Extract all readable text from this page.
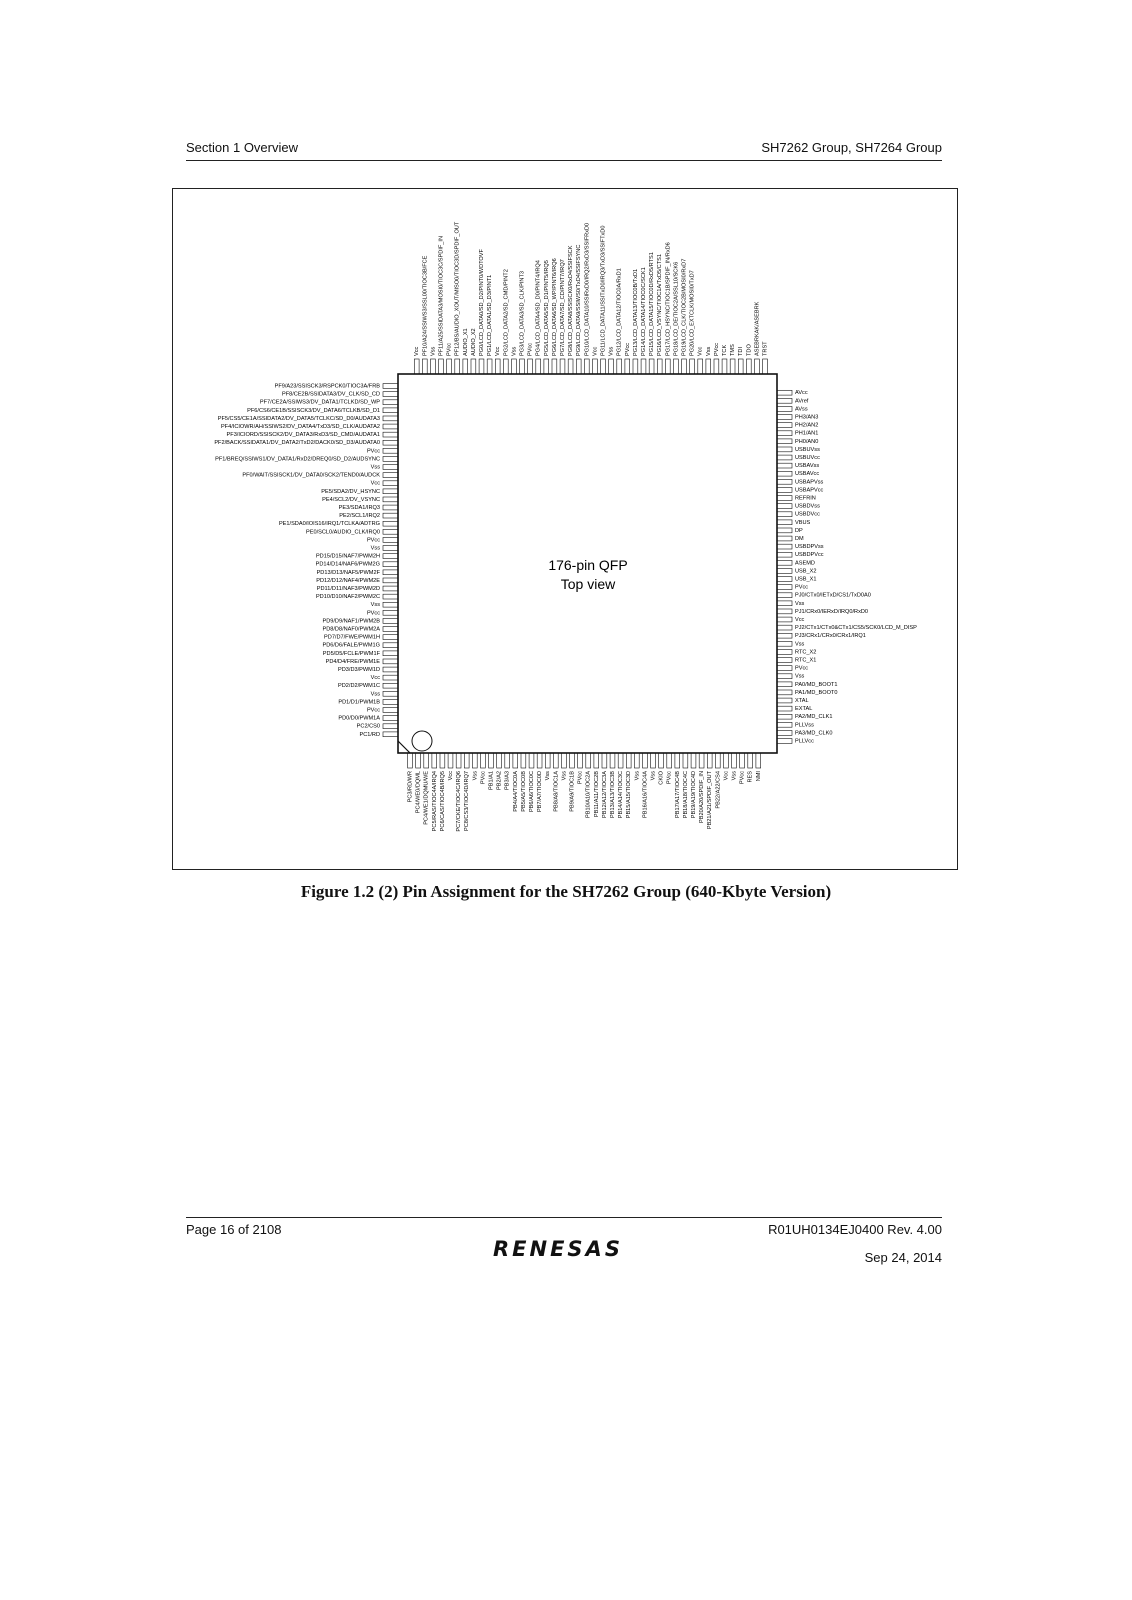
Section 1 Overview	SH7262 Group, SH7264 Group
PC3/RD/WR PC4/WE0/DQML PC4/WE1/DQMU/WE PC5/RAS/TIOC4A/IRQ4 PC6/CAS/TIOC4B/IRQ5 Vcc PC7/CKE/TIOC4C/IRQ6 PC8/CS3/TIOC4D/IRQ7 Vss PVcc PB1/A1 PB2/A2 PB3/A3 PB4/A4/TIOC0A PB5/A5/TIOC0B PB6/A6/TIOC0C PB7/A7/TIOC0D Vss PB8/A8/TIOC1A Vss PB9/A9/TIOC1B PVcc PB10/A10/TIOC2A PB11/A11/TIOC2B PB12/A12/TIOC3A PB13/A13/TIOC3B PB14/A14/TIOC3C PB15/A15/TIOC3D Vss PB16/A16/TIOC4A Vss CKIO PVcc PB17/A17/TIOC4B PB18/A18/TIOC4C PB19/A19/TIOC4D PB20/A20/SPDIF_IN PB21/A21/SPDIF_OUT PB22/A22/CS4 Vcc Vss PVcc RES NMI
PLLVcc
PA3/MD_CLK0
PLLVss
PA2/MD_CLK1
EXTAL
XTAL
PA1/MD_BOOT0
PA0/MD_BOOT1
Vss
PVcc
RTC_X1
RTC_X2
Vss
PJ3/CRx1/CRx0/CRx1/IRQ1
PJ2/CTx1/CTx0&CTx1/CS5/SCK0/LCD_M_DISP
Vcc
PJ1/CRx0/IERxD/IRQ0/RxD0
Vss
PJ0/CTx0/IETxD/CS1/TxD0A0
PVcc
USB_X1
USB_X2
ASEMD
USBDPVcc
USBDPVss
DM
DP
VBUS
USBDVcc
USBDVss
REFRIN
USBAPVcc
USBAPVss
USBAVcc
USBAVss
USBUVcc
USBUVss
PH0/AN0
PH1/AN1
PH2/AN2
PH3/AN3
AVss
AVref
AVcc
TRST
ASEBRKAK/ASEBRK
TDO
TDI
TMS
TCK
PVcc
Vss
Vcc
PG20/LCD_EXTCLK/MOSI0/TxD7
PG19/LCD_CLK/TIOC2B/MOSI0/RxD7
PG18/LCD_DE/TIOC2A/SSL10/SCK6
PG17/LCD_HSYNC/TIOC1B/SPDIF_IN/RxD6
PG16/LCD_VSYNC/TIOC1A/TxD5/CTS1
PG15/LCD_DATA15/TIOC0D/RxD5/RTS1
PG14/LCD_DATA14/TIOC0C/SCK1
PG13/LCD_DATA13/TIOC0B/TxD1
PVcc
PG12/LCD_DATA12/TIOC0A/RxD1
Vss
PG11/LCD_DATA11/SSITxD0/IRQ3/TxD3/SSIFTxD0
Vcc
PG10/LCD_DATA10/SSIRxD0/IRQ2/RxD3/SSIFRxD0
PG9/LCD_DATA9/SSIWS0/TxD4/SSIFSYNC
PG8/LCD_DATA8/SSISCK0/RxD4/SSIFSCK
PG7/LCD_DATA7/SD_CD/PINT7/IRQ7
PG6/LCD_DATA6/SD_WP/PINT6/IRQ6
PG5/LCD_DATA5/SD_D1/PINT5/IRQ5
PG4/LCD_DATA4/SD_D0/PINT4/IRQ4
PVcc
PG3/LCD_DATA3/SD_CLK/PINT3
Vss
PG2/LCD_DATA2/SD_CMD/PINT2
Vcc
PG1/LCD_DATA1/SD_D3/PINT1
PG0/LCD_DATA0/SD_D2/PINT0/WDTOVF
AUDIO_X2
AUDIO_X1
PF12/BS/AUDIO_XOUT/MISO0/TIOC3D/SPDIF_OUT
PVcc
PF11/A25/SSIDATA3/MOSI0/TIOC3C/SPDIF_IN
Vss
PF10/A24/SSIWS3/SSL00/TIOC3B/FCE
Vcc
PF9/A23/SSISCK3/RSPCK0/TIOC3A/FRB
PF8/CE2B/SSIDATA3/DV_CLK/SD_CD
PF7/CE2A/SSIWS3/DV_DATA1/TCLKD/SD_WP
PF6/CS6/CE1B/SSISCK3/DV_DATA6/TCLKB/SD_D1
PF5/CS5/CE1A/SSIDATA2/DV_DATA5/TCLKC/SD_D0/AUDATA3
PF4/ICIOWR/AH/SSIWS2/DV_DATA4/TxD3/SD_CLK/AUDATA2
PF3/ICIORD/SSISCK2/DV_DATA3/RxD3/SD_CMD/AUDATA1
PF2/BACK/SSIDATA1/DV_DATA2/TxD2/DACK0/SD_D3/AUDATA0
PVcc
PF1/BREQ/SSIWS1/DV_DATA1/RxD2/DREQ0/SD_D2/AUDSYNC
Vss
PF0/WAIT/SSISCK1/DV_DATA0/SCK2/TEND0/AUDCK
Vcc
PE5/SDA2/DV_HSYNC
PE4/SCL2/DV_VSYNC
PE3/SDA1/IRQ3
PE2/SCL1/IRQ2
PE1/SDA0/IOIS16/IRQ1/TCLKA/ADTRG
PE0/SCL0/AUDIO_CLK/IRQ0
PVcc
Vss
PD15/D15/NAF7/PWM2H
PD14/D14/NAF6/PWM2G
PD13/D13/NAF5/PWM2F
PD12/D12/NAF4/PWM2E
PD11/D11/NAF3/PWM2D
PD10/D10/NAF2/PWM2C
Vss
PVcc
PD9/D9/NAF1/PWM2B
PD8/D8/NAF0/PWM2A
PD7/D7/FWE/PWM1H
PD6/D6/FALE/PWM1G
PD5/D5/FCLE/PWM1F
PD4/D4/FRE/PWM1E
PD3/D3/PWM1D
Vcc
PD2/D2/PWM1C
Vss
PD1/D1/PWM1B
PVcc
PD0/D0/PWM1A
PC2/CS0
PC1/RD
176-pin QFP
Top view
Figure 1.2 (2) Pin Assignment for the SH7262 Group (640-Kbyte Version)
Page 16 of 2108
RENESAS
R01UH0134EJ0400 Rev. 4.00
Sep 24, 2014
